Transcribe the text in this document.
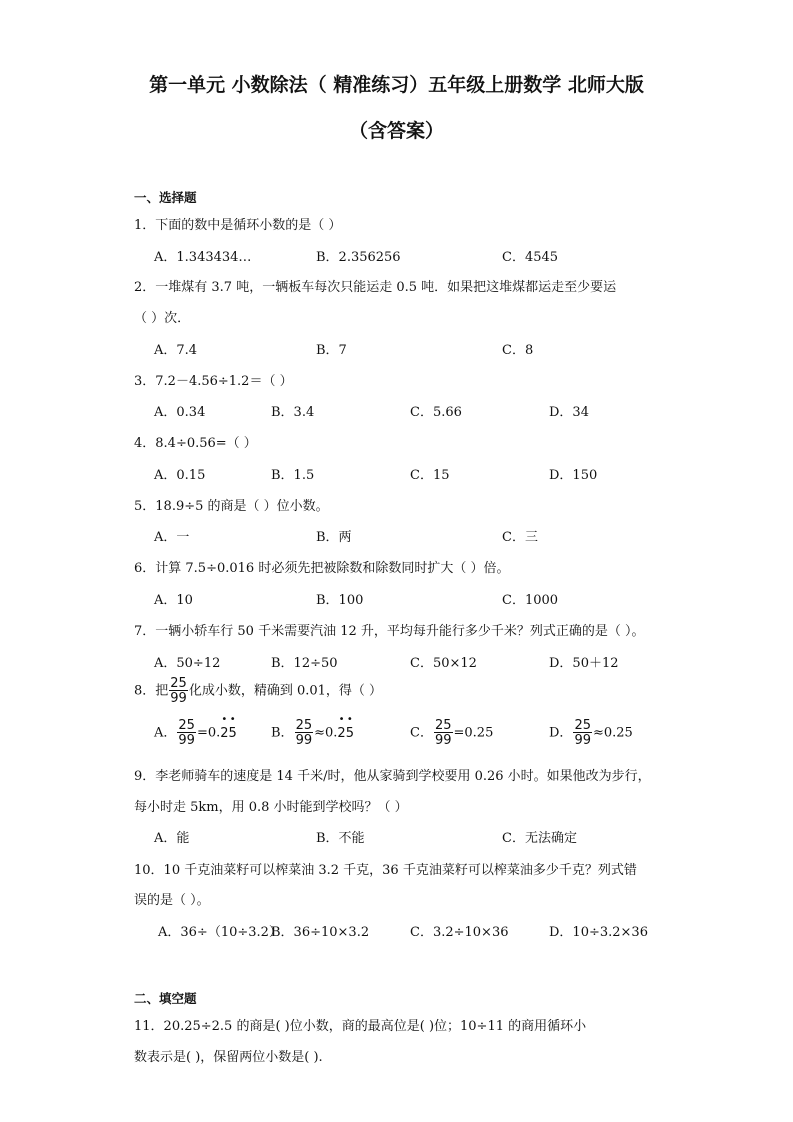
第一单元 小数除法（ 精准练习）五年级上册数学 北师大版
（含答案）
一、选择题
1．下面的数中是循环小数的是（ ）
A．1.343434…	B．2.356256	C．4545
2．一堆煤有 3.7 吨，一辆板车每次只能运走 0.5 吨．如果把这堆煤都运走至少要运
（ ）次．
A．7.4	B．7	C．8
3．7.2－4.56÷1.2＝（ ）
A．0.34	B．3.4	C．5.66	D．34
4．8.4÷0.56=（ ）
A．0.15	B．1.5	C．15	D．150
5．18.9÷5 的商是（ ）位小数。
A．一	B．两	C．三
6．计算 7.5÷0.016 时必须先把被除数和除数同时扩大（ ）倍。
A．10	B．100	C．1000
7．一辆小轿车行 50 千米需要汽油 12 升，平均每升能行多少千米？列式正确的是（ ）。
A．50÷12	B．12÷50	C．50×12	D．50＋12
8．把 $\frac{25}{99}$ 化成小数，精确到 0.01，得（ ）
A． $\frac{25}{99}$ =0.• 2• 5	B． $\frac{25}{99}$ ≈0.• 2• 5	C． $\frac{25}{99} =0.25$	D． $\frac{25}{99} \approx 0.25$
9．李老师骑车的速度是 14 千米/时，他从家骑到学校要用 0.26 小时。如果他改为步行，
每小时走 5km，用 0.8 小时能到学校吗？（ ）
A．能	B．不能	C．无法确定
10．10 千克油菜籽可以榨菜油 3.2 千克，36 千克油菜籽可以榨菜油多少千克？列式错
误的是（ ）。
A．36÷（10÷3.2）
B．36÷10×3.2	C．3.2÷10×36	D．10÷3.2×36
二、填空题
11．20.25÷2.5 的商是( )位小数，商的最高位是( )位；10÷11 的商用循环小
数表示是( )，保留两位小数是( ).
